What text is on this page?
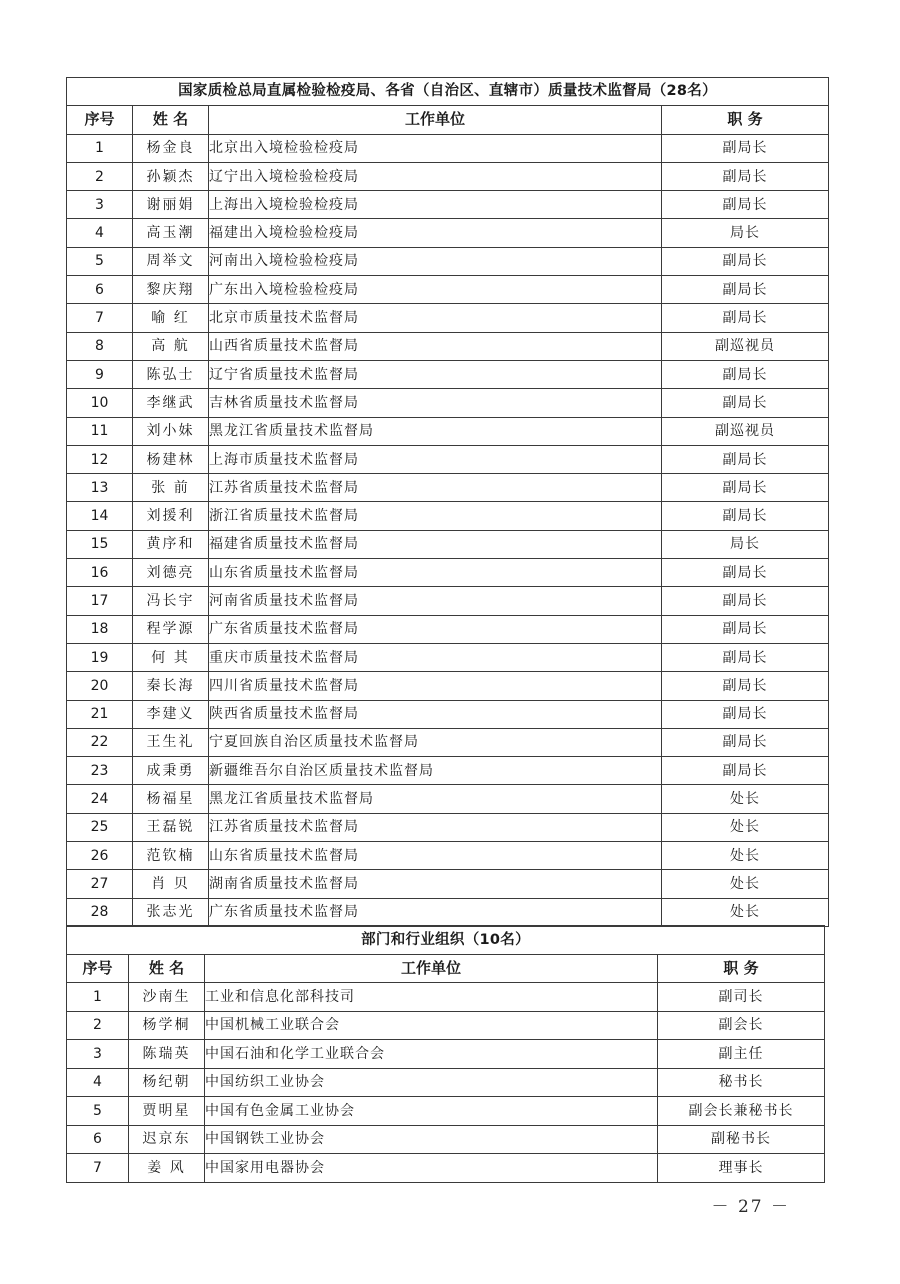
国家质检总局直属检验检疫局、各省（自治区、直辖市）质量技术监督局（28名）			
序号	姓 名	工作单位	职 务
1	杨金良	北京出入境检验检疫局	副局长
2	孙颖杰	辽宁出入境检验检疫局	副局长
3	谢丽娟	上海出入境检验检疫局	副局长
4	高玉潮	福建出入境检验检疫局	局长
5	周举文	河南出入境检验检疫局	副局长
6	黎庆翔	广东出入境检验检疫局	副局长
7	喻 红	北京市质量技术监督局	副局长
8	高 航	山西省质量技术监督局	副巡视员
9	陈弘士	辽宁省质量技术监督局	副局长
10	李继武	吉林省质量技术监督局	副局长
11	刘小妹	黑龙江省质量技术监督局	副巡视员
12	杨建林	上海市质量技术监督局	副局长
13	张 前	江苏省质量技术监督局	副局长
14	刘援利	浙江省质量技术监督局	副局长
15	黄序和	福建省质量技术监督局	局长
16	刘德亮	山东省质量技术监督局	副局长
17	冯长宇	河南省质量技术监督局	副局长
18	程学源	广东省质量技术监督局	副局长
19	何 其	重庆市质量技术监督局	副局长
20	秦长海	四川省质量技术监督局	副局长
21	李建义	陕西省质量技术监督局	副局长
22	王生礼	宁夏回族自治区质量技术监督局	副局长
23	成秉勇	新疆维吾尔自治区质量技术监督局	副局长
24	杨福星	黑龙江省质量技术监督局	处长
25	王磊锐	江苏省质量技术监督局	处长
26	范钦楠	山东省质量技术监督局	处长
27	肖 贝	湖南省质量技术监督局	处长
28	张志光	广东省质量技术监督局	处长
部门和行业组织（10名）			
序号	姓 名	工作单位	职 务
1	沙南生	工业和信息化部科技司	副司长
2	杨学桐	中国机械工业联合会	副会长
3	陈瑞英	中国石油和化学工业联合会	副主任
4	杨纪朝	中国纺织工业协会	秘书长
5	贾明星	中国有色金属工业协会	副会长兼秘书长
6	迟京东	中国钢铁工业协会	副秘书长
7	姜 风	中国家用电器协会	理事长
－ 27 －
